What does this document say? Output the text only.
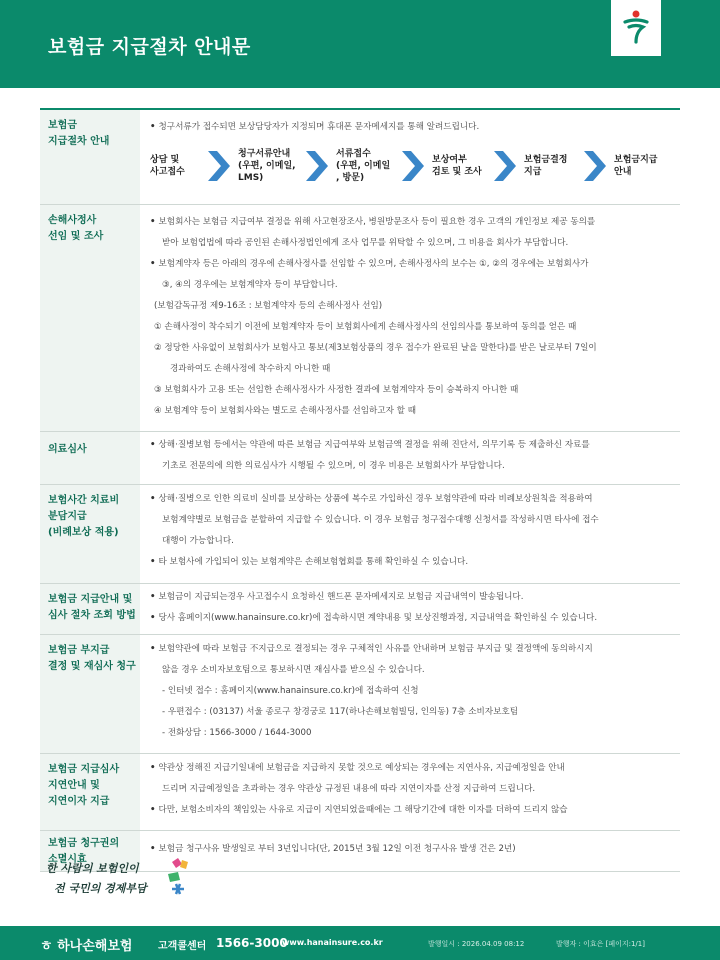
보험금 지급절차 안내문
보험금
지급절차 안내
• 청구서류가 접수되면 보상담당자가 지정되며 휴대폰 문자메세지를 통해 알려드립니다.
상담 및
사고접수
청구서류안내
(우편, 이메일,
LMS)
서류접수
(우편, 이메일
, 방문)
보상여부
검토 및 조사
보험금결정
지급
보험금지급
안내
손해사정사
선임 및 조사
• 보험회사는 보험금 지급여부 결정을 위해 사고현장조사, 병원방문조사 등이 필요한 경우 고객의 개인정보 제공 동의를
받아 보험업법에 따라 공인된 손해사정법인에게 조사 업무를 위탁할 수 있으며, 그 비용을 회사가 부담합니다.
• 보험계약자 등은 아래의 경우에 손해사정사를 선임할 수 있으며, 손해사정사의 보수는 ①, ②의 경우에는 보험회사가
③, ④의 경우에는 보험계약자 등이 부담합니다.
(보험감독규정 제9-16조 : 보험계약자 등의 손해사정사 선임)
① 손해사정이 착수되기 이전에 보험계약자 등이 보험회사에게 손해사정사의 선임의사를 통보하여 동의를 얻은 때
② 정당한 사유없이 보험회사가 보험사고 통보(제3보험상품의 경우 접수가 완료된 날을 말한다)를 받은 날로부터 7일이
경과하여도 손해사정에 착수하지 아니한 때
③ 보험회사가 고용 또는 선임한 손해사정사가 사정한 결과에 보험계약자 등이 승복하지 아니한 때
④ 보험계약 등이 보험회사와는 별도로 손해사정사를 선임하고자 할 때
의료심사
•	상해·질병보험 등에서는 약관에 따른 보험금 지급여부와 보험금액 결정을 위해 진단서, 의무기록 등 제출하신 자료를
기초로 전문의에 의한 의료심사가 시행될 수 있으며, 이 경우 비용은 보험회사가 부담합니다.
보험사간 치료비
분담지급
(비례보상 적용)
• 상해·질병으로 인한 의료비 실비를 보상하는 상품에 복수로 가입하신 경우 보험약관에 따라 비례보상원칙을 적용하여
보험계약별로 보험금을 분할하여 지급할 수 있습니다. 이 경우 보험금 청구접수대행 신청서를 작성하시면 타사에 접수
대행이 가능합니다.
• 타 보험사에 가입되어 있는 보험계약은 손해보험협회를 통해 확인하실 수 있습니다.
보험금 지급안내 및
심사 절차 조회 방법
• 보험금이 지급되는경우 사고접수시 요청하신 핸드폰 문자메세지로 보험금 지급내역이 발송됩니다.
• 당사 홈페이지(www.hanainsure.co.kr)에 접속하시면 계약내용 및 보상진행과정, 지급내역을 확인하실 수 있습니다.
보험금 부지급
결정 및 재심사 청구
• 보험약관에 따라 보험금 不지급으로 결정되는 경우 구체적인 사유를 안내하며 보험금 부지급 및 결정액에 동의하시지
않을 경우 소비자보호팀으로 통보하시면 재심사를 받으실 수 있습니다.
- 인터넷 접수 : 홈페이지(www.hanainsure.co.kr)에 접속하여 신청
- 우편접수 : (03137) 서울 종로구 창경궁로 117(하나손해보험빌딩, 인의동) 7층 소비자보호팀
- 전화상담 : 1566-3000 / 1644-3000
보험금 지급심사
지연안내 및
지연이자 지급
• 약관상 정해진 지급기일내에 보험금을 지급하지 못할 것으로 예상되는 경우에는 지연사유, 지급예정일을 안내
드리며 지급예정일을 초과하는 경우 약관상 규정된 내용에 따라 지연이자를 산정 지급하여 드립니다.
• 다만, 보험소비자의 책임있는 사유로 지급이 지연되었을때에는 그 해당기간에 대한 이자를 더하여 드리지 않습
보험금 청구권의
소멸시효
• 보험금 청구사유 발생일로 부터 3년입니다(단, 2015년 3월 12일 이전 청구사유 발생 건은 2년)
한 사람의 보험인이
전 국민의 경제부담
ㅎ 하나손해보험	고객콜센터 1566-3000
www.hanainsure.co.kr	발행일시 : 2026.04.09 08:12	발행자 : 이효은 [페이지:1/1]
